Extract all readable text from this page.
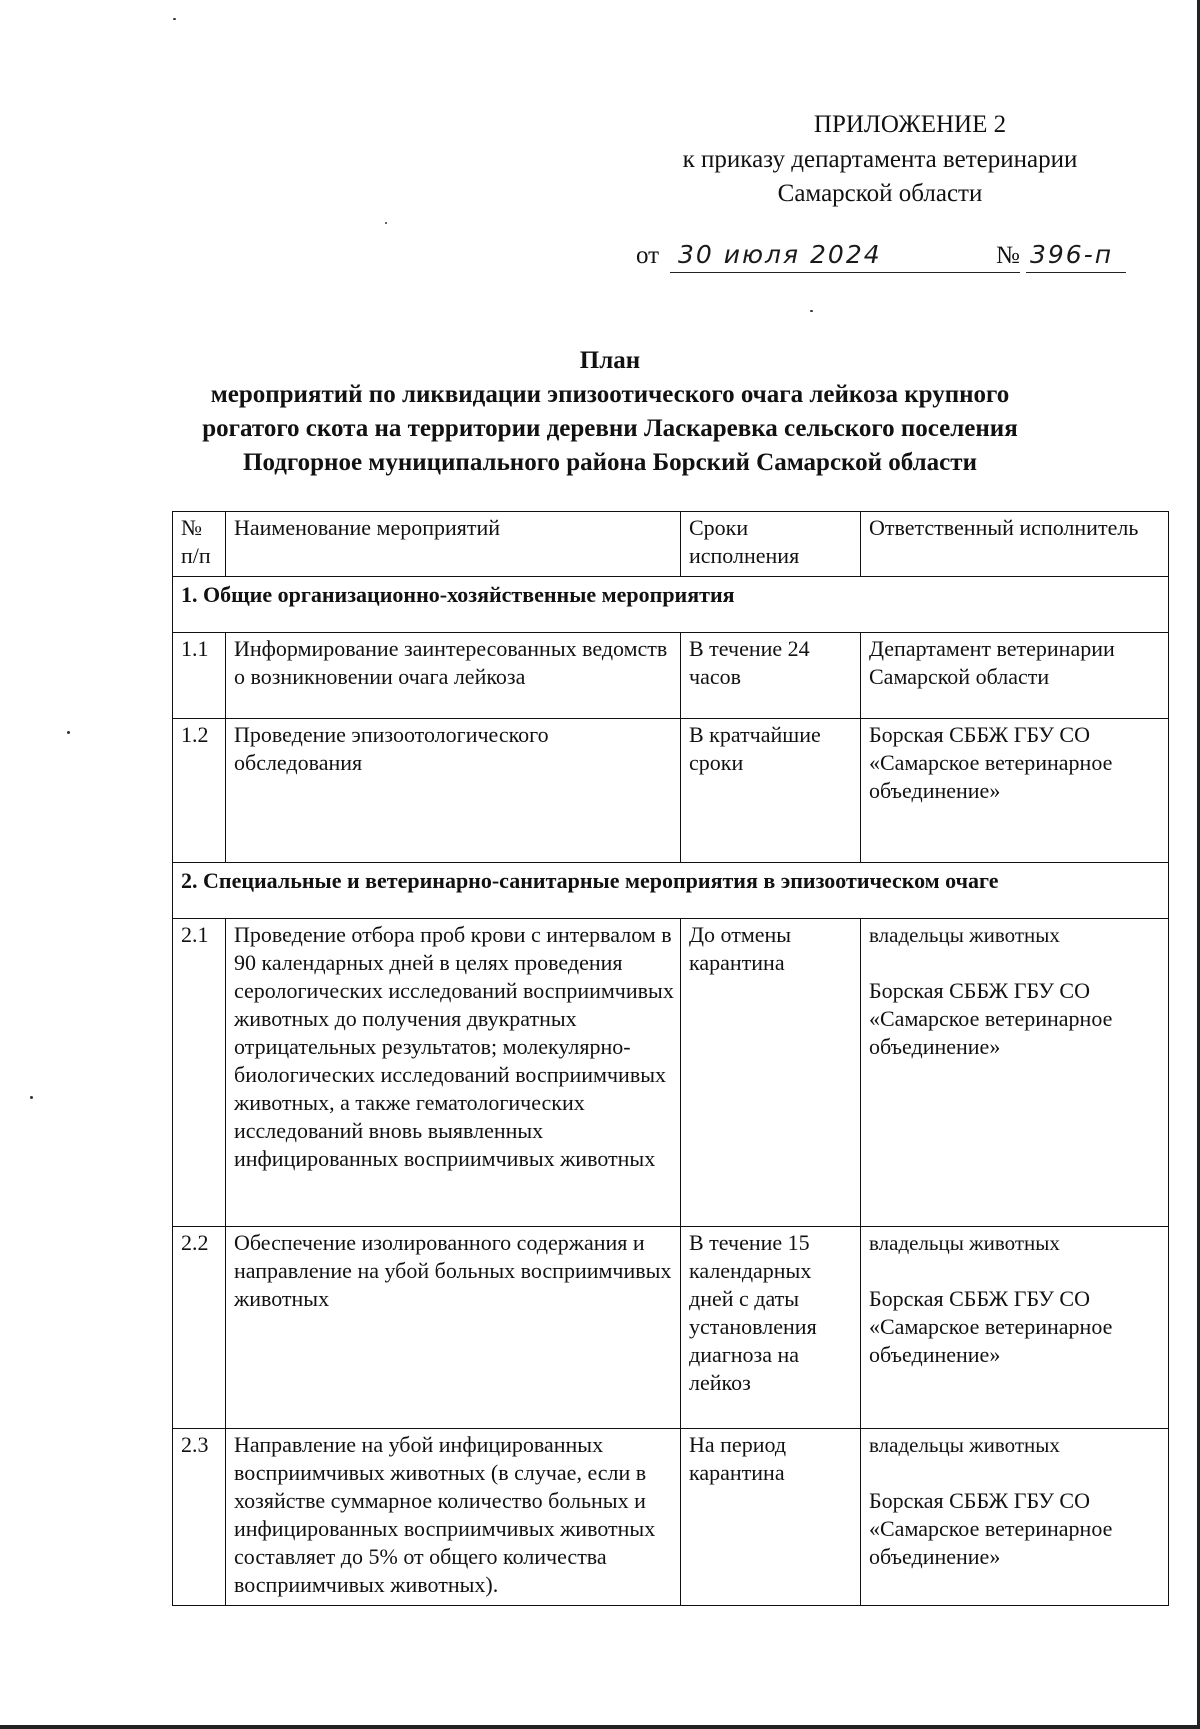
ПРИЛОЖЕНИЕ 2
к приказу департамента ветеринарии
Самарской области
от 30 июля 2024	№ 396-п
План
мероприятий по ликвидации эпизоотического очага лейкоза крупного
рогатого скота на территории деревни Ласкаревка сельского поселения
Подгорное муниципального района Борский Самарской области
№ п/п	Наименование мероприятий	Сроки исполнения	Ответственный исполнитель
1. Общие организационно-хозяйственные мероприятия			
1.1	Информирование заинтересованных ведомств о возникновении очага лейкоза	В течение 24 часов	Департамент ветеринарии Самарской области
1.2	Проведение эпизоотологического обследования	В кратчайшие сроки	Борская СББЖ ГБУ СО «Самарское ветеринарное объединение»
2. Специальные и ветеринарно-санитарные мероприятия в эпизоотическом очаге			
2.1	Проведение отбора проб крови с интервалом в 90 календарных дней в целях проведения серологических исследований восприимчивых животных до получения двукратных отрицательных результатов; молекулярно-биологических исследований восприимчивых животных, а также гематологических исследований вновь выявленных инфицированных восприимчивых животных	До отмены карантина	владельцы животных
Борская СББЖ ГБУ СО «Самарское ветеринарное объединение»

2.2	Обеспечение изолированного содержания и направление на убой больных восприимчивых животных	В течение 15 календарных дней с даты установления диагноза на лейкоз	владельцы животных
Борская СББЖ ГБУ СО «Самарское ветеринарное объединение»

2.3	Направление на убой инфицированных восприимчивых животных (в случае, если в хозяйстве суммарное количество больных и инфицированных восприимчивых животных составляет до 5% от общего количества восприимчивых животных).	На период карантина	владельцы животных
Борская СББЖ ГБУ СО «Самарское ветеринарное объединение»
